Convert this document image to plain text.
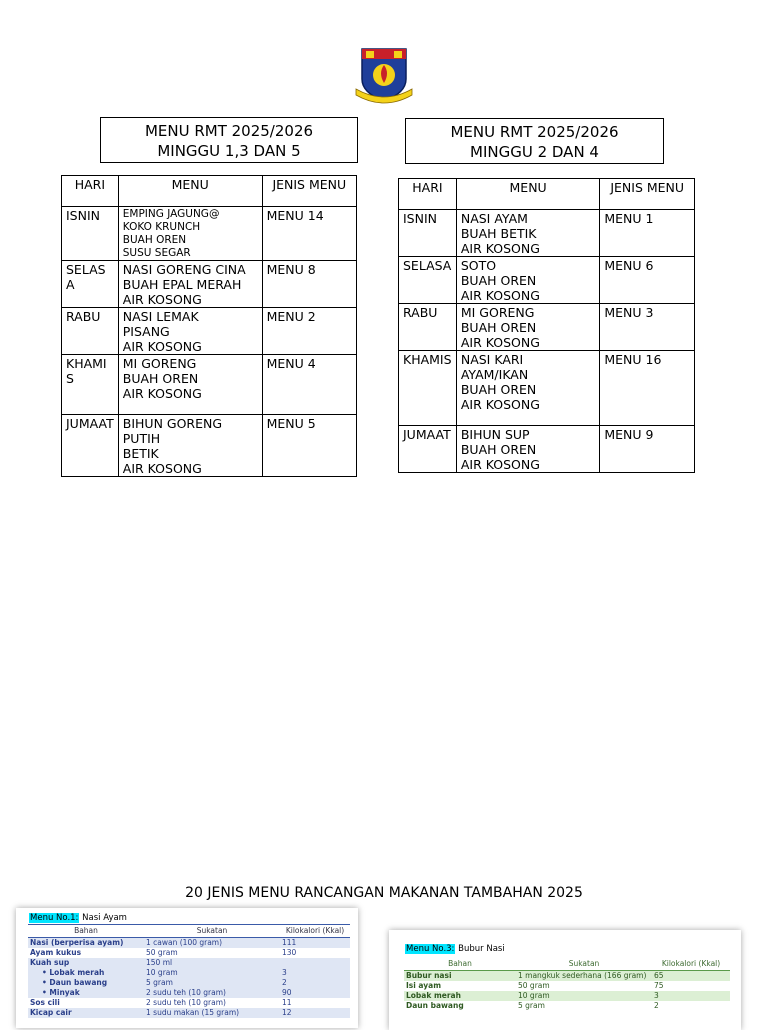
MENU RMT 2025/2026
MINGGU 1,3 DAN 5
MENU RMT 2025/2026
MINGGU 2 DAN 4
HARI	MENU	JENIS MENU
ISNIN	EMPING JAGUNG@
KOKO KRUNCH
BUAH OREN
SUSU SEGAR	MENU 14
SELASA	NASI GORENG CINA
BUAH EPAL MERAH
AIR KOSONG	MENU 8
RABU	NASI LEMAK
PISANG
AIR KOSONG	MENU 2
KHAMIS	MI GORENG
BUAH OREN
AIR KOSONG	MENU 4
JUMAAT	BIHUN GORENG
PUTIH
BETIK
AIR KOSONG	MENU 5
HARI	MENU	JENIS MENU
ISNIN	NASI AYAM
BUAH BETIK
AIR KOSONG	MENU 1
SELASA	SOTO
BUAH OREN
AIR KOSONG	MENU 6
RABU	MI GORENG
BUAH OREN
AIR KOSONG	MENU 3
KHAMIS	NASI KARI
AYAM/IKAN
BUAH OREN
AIR KOSONG	MENU 16
JUMAAT	BIHUN SUP
BUAH OREN
AIR KOSONG	MENU 9
20 JENIS MENU RANCANGAN MAKANAN TAMBAHAN 2025
Menu No.1: Nasi Ayam
Bahan	Sukatan	Kilokalori (Kkal)
Nasi (berperisa ayam)	1 cawan (100 gram)	111
Ayam kukus	50 gram	130
Kuah sup	150 ml	
• Lobak merah	10 gram	3
• Daun bawang	5 gram	2
• Minyak	2 sudu teh (10 gram)	90
Sos cili	2 sudu teh (10 gram)	11
Kicap cair	1 sudu makan (15 gram)	12
Menu No.3: Bubur Nasi
Bahan	Sukatan	Kilokalori (Kkal)
Bubur nasi	1 mangkuk sederhana (166 gram)	65
Isi ayam	50 gram	75
Lobak merah	10 gram	3
Daun bawang	5 gram	2
